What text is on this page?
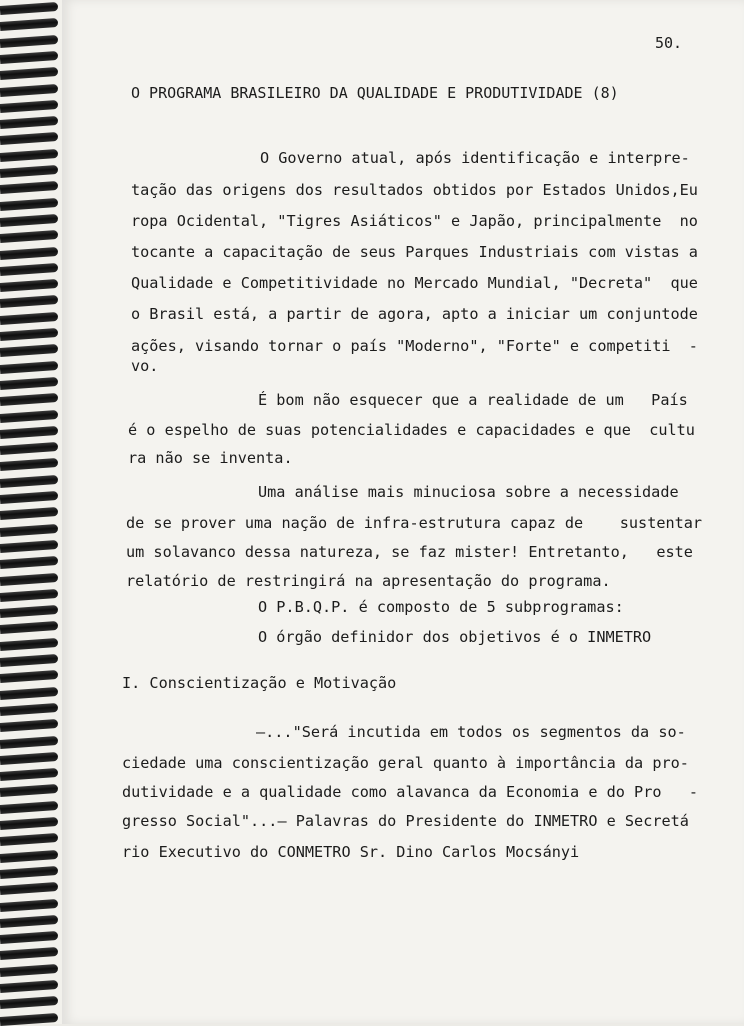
50.
O PROGRAMA BRASILEIRO DA QUALIDADE E PRODUTIVIDADE (8)
O Governo atual, após identificação e interpre-
tação das origens dos resultados obtidos por Estados Unidos,Eu
ropa Ocidental, "Tigres Asiáticos" e Japão, principalmente  no
tocante a capacitação de seus Parques Industriais com vistas a
Qualidade e Competitividade no Mercado Mundial, "Decreta"  que
o Brasil está, a partir de agora, apto a iniciar um conjuntode
ações, visando tornar o país "Moderno", "Forte" e competiti  -
vo.
É bom não esquecer que a realidade de um   País
é o espelho de suas potencialidades e capacidades e que  cultu
ra não se inventa.
Uma análise mais minuciosa sobre a necessidade
de se prover uma nação de infra-estrutura capaz de    sustentar
um solavanco dessa natureza, se faz mister! Entretanto,   este
relatório de restringirá na apresentação do programa.
O P.B.Q.P. é composto de 5 subprogramas:
O órgão definidor dos objetivos é o INMETRO
I. Conscientização e Motivação
—..."Será incutida em todos os segmentos da so-
ciedade uma conscientização geral quanto à importância da pro-
dutividade e a qualidade como alavanca da Economia e do Pro   -
gresso Social"...— Palavras do Presidente do INMETRO e Secretá
rio Executivo do CONMETRO Sr. Dino Carlos Mocsányi
